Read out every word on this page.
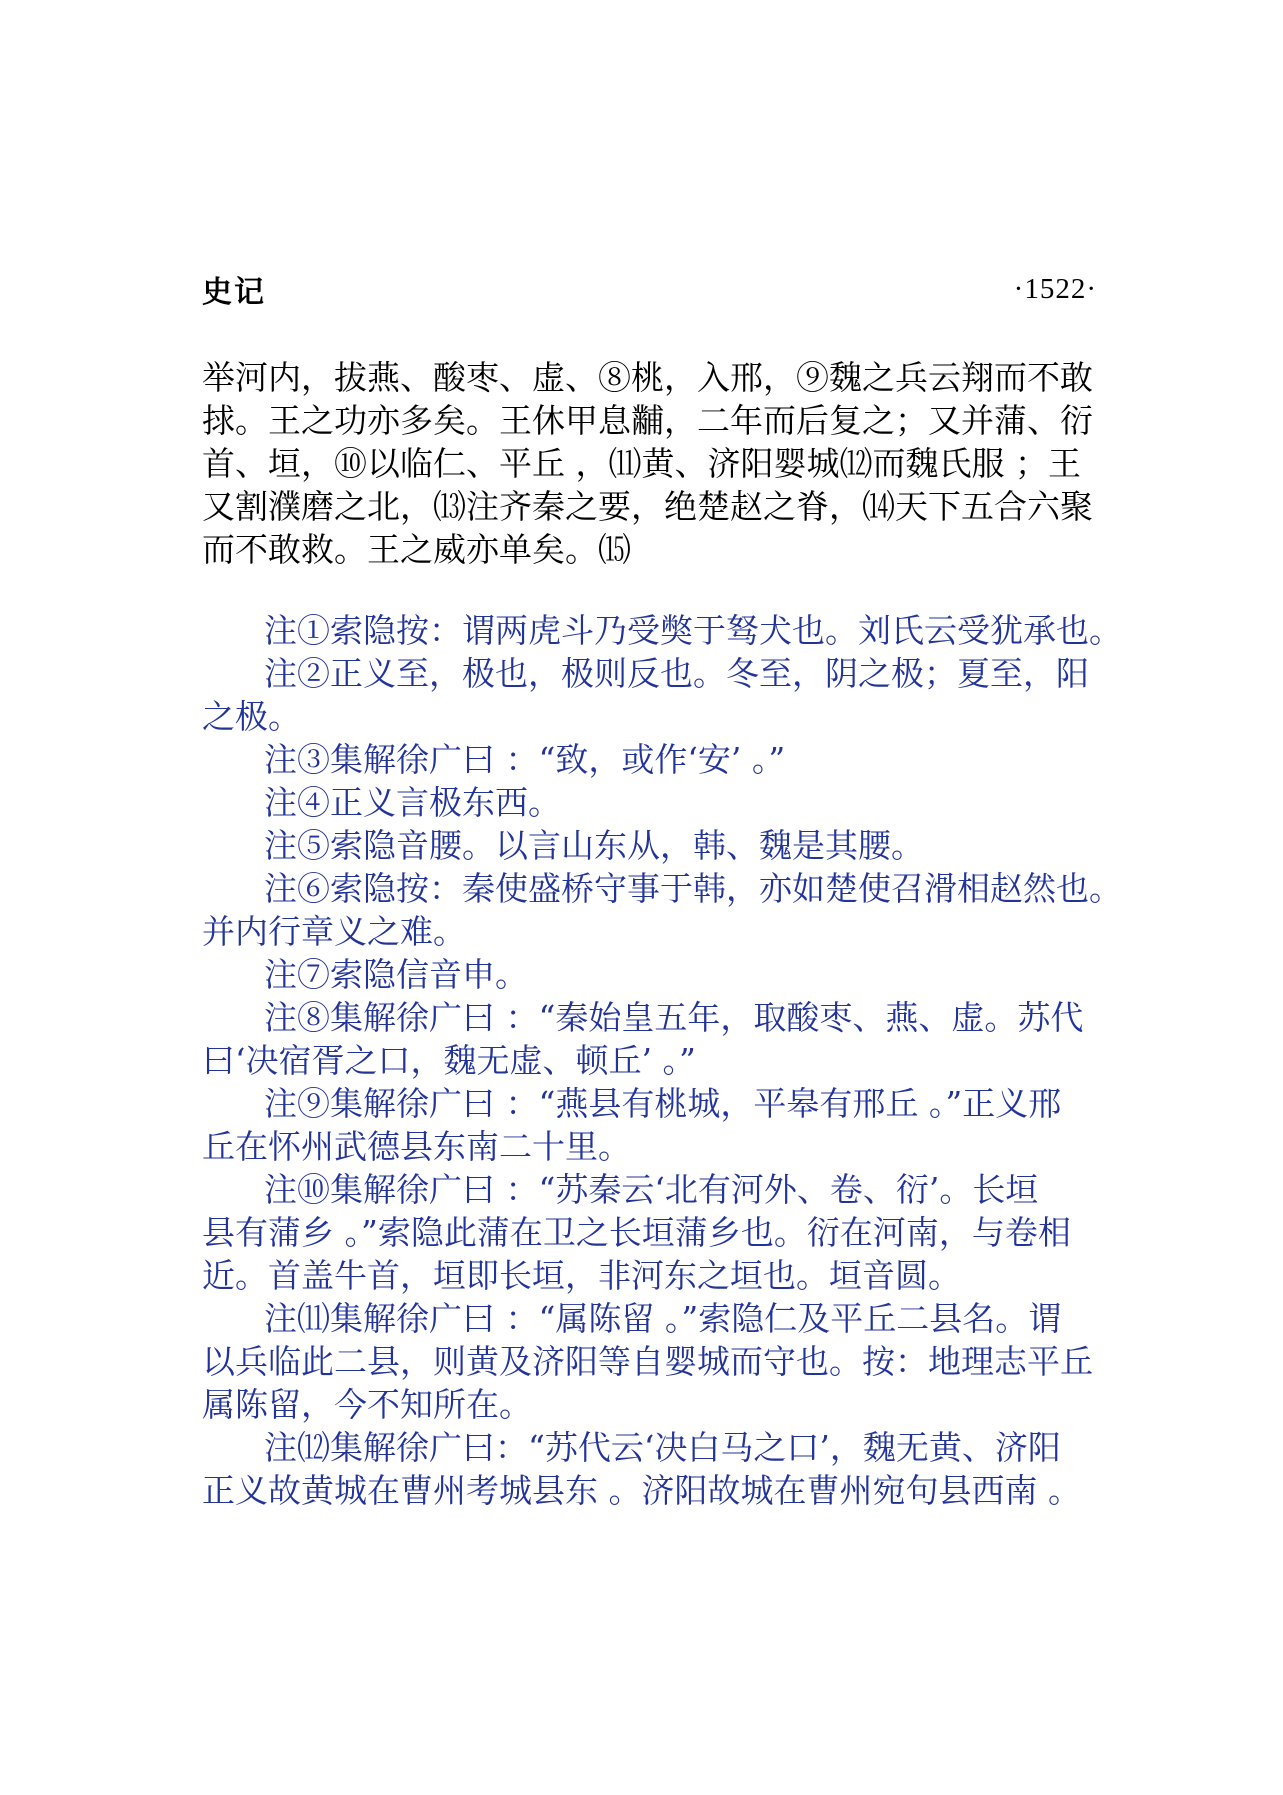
史记	·1522·
举河内，拔燕、酸枣、虚、⑧桃，入邢，⑨魏之兵云翔而不敢
捄。王之功亦多矣。王休甲息黼，二年而后复之；又并蒲、衍
首、垣，⑩以临仁、平丘 ，⑾黄、济阳婴城⑿而魏氏服 ；王
又割濮磨之北，⒀注齐秦之要，绝楚赵之脊，⒁天下五合六聚
而不敢救。王之威亦单矣。⒂
注①索隐按：谓两虎斗乃受獘于驽犬也。刘氏云受犹承也。
注②正义至，极也，极则反也。冬至，阴之极；夏至，阳
之极。
注③集解徐广曰 ：“致，或作‘安’ 。”
注④正义言极东西。
注⑤索隐音腰。以言山东从，韩、魏是其腰。
注⑥索隐按：秦使盛桥守事于韩，亦如楚使召滑相赵然也。
并内行章义之难。
注⑦索隐信音申。
注⑧集解徐广曰 ：“秦始皇五年，取酸枣、燕、虚。苏代
曰‘决宿胥之口，魏无虚、顿丘’ 。”
注⑨集解徐广曰 ：“燕县有桃城，平皋有邢丘 。”正义邢
丘在怀州武德县东南二十里。
注⑩集解徐广曰 ：“苏秦云‘北有河外、卷、衍’。长垣
县有蒲乡 。”索隐此蒲在卫之长垣蒲乡也。衍在河南，与卷相
近。首盖牛首，垣即长垣，非河东之垣也。垣音圆。
注⑾集解徐广曰 ：“属陈留 。”索隐仁及平丘二县名。谓
以兵临此二县，则黄及济阳等自婴城而守也。按：地理志平丘
属陈留，今不知所在。
注⑿集解徐广曰：“苏代云‘决白马之口’，魏无黄、济阳
正义故黄城在曹州考城县东 。济阳故城在曹州宛句县西南 。
